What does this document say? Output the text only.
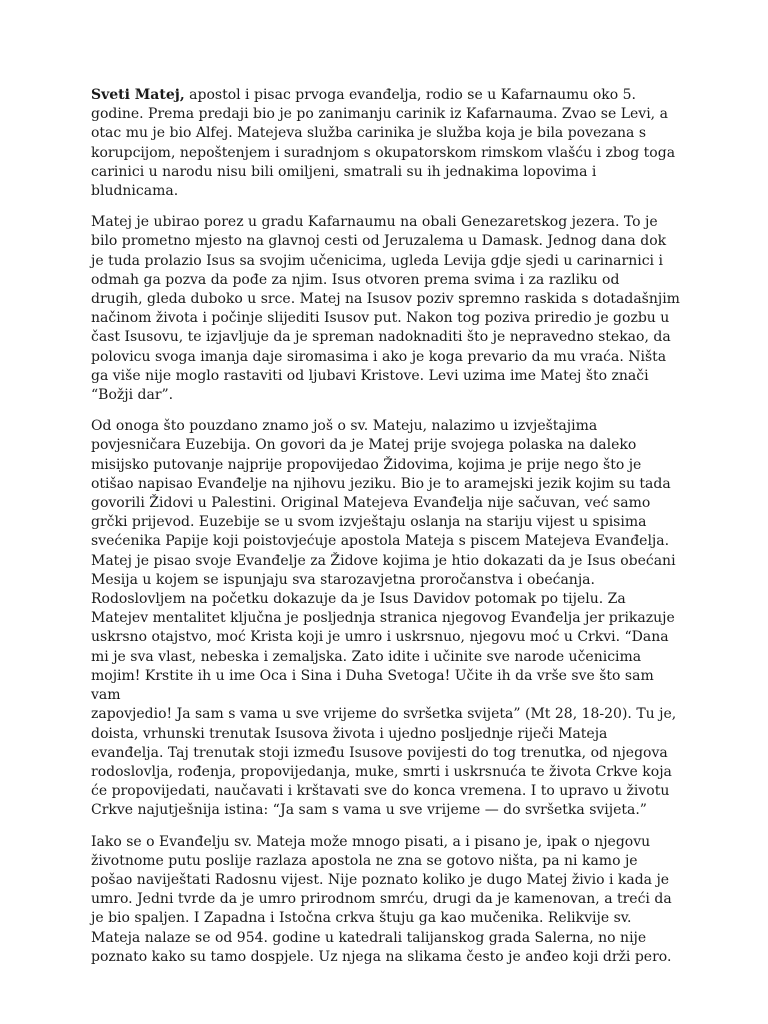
Sveti Matej, apostol i pisac prvoga evanđelja, rodio se u Kafarnaumu oko 5.
godine. Prema predaji bio je po zanimanju carinik iz Kafarnauma. Zvao se Levi, a
otac mu je bio Alfej. Matejeva služba carinika je služba koja je bila povezana s
korupcijom, nepoštenjem i suradnjom s okupatorskom rimskom vlašću i zbog toga
carinici u narodu nisu bili omiljeni, smatrali su ih jednakima lopovima i
bludnicama.

Matej je ubirao porez u gradu Kafarnaumu na obali Genezaretskog jezera. To je
bilo prometno mjesto na glavnoj cesti od Jeruzalema u Damask. Jednog dana dok
je tuda prolazio Isus sa svojim učenicima, ugleda Levija gdje sjedi u carinarnici i
odmah ga pozva da pođe za njim. Isus otvoren prema svima i za razliku od
drugih, gleda duboko u srce. Matej na Isusov poziv spremno raskida s dotadašnjim
načinom života i počinje slijediti Isusov put. Nakon tog poziva priredio je gozbu u
čast Isusovu, te izjavljuje da je spreman nadoknaditi što je nepravedno stekao, da
polovicu svoga imanja daje siromasima i ako je koga prevario da mu vraća. Ništa
ga više nije moglo rastaviti od ljubavi Kristove. Levi uzima ime Matej što znači
“Božji dar”.

Od onoga što pouzdano znamo još o sv. Mateju, nalazimo u izvještajima
povjesničara Euzebija. On govori da je Matej prije svojega polaska na daleko
misijsko putovanje najprije propovijedao Židovima, kojima je prije nego što je
otišao napisao Evanđelje na njihovu jeziku. Bio je to aramejski jezik kojim su tada
govorili Židovi u Palestini. Original Matejeva Evanđelja nije sačuvan, već samo
grčki prijevod. Euzebije se u svom izvještaju oslanja na stariju vijest u spisima
svećenika Papije koji poistovjećuje apostola Mateja s piscem Matejeva Evanđelja.
Matej je pisao svoje Evanđelje za Židove kojima je htio dokazati da je Isus obećani
Mesija u kojem se ispunjaju sva starozavjetna proročanstva i obećanja.
Rodoslovljem na početku dokazuje da je Isus Davidov potomak po tijelu. Za
Matejev mentalitet ključna je posljednja stranica njegovog Evanđelja jer prikazuje
uskrsno otajstvo, moć Krista koji je umro i uskrsnuo, njegovu moć u Crkvi. “Dana
mi je sva vlast, nebeska i zemaljska. Zato idite i učinite sve narode učenicima
mojim! Krstite ih u ime Oca i Sina i Duha Svetoga! Učite ih da vrše sve što sam vam
zapovjedio! Ja sam s vama u sve vrijeme do svršetka svijeta” (Mt 28, 18-20). Tu je,
doista, vrhunski trenutak Isusova života i ujedno posljednje riječi Mateja
evanđelja. Taj trenutak stoji između Isusove povijesti do tog trenutka, od njegova
rodoslovlja, rođenja, propovijedanja, muke, smrti i uskrsnuća te života Crkve koja
će propovijedati, naučavati i krštavati sve do konca vremena. I to upravo u životu
Crkve najutješnija istina: “Ja sam s vama u sve vrijeme — do svršetka svijeta.”

Iako se o Evanđelju sv. Mateja može mnogo pisati, a i pisano je, ipak o njegovu
životnome putu poslije razlaza apostola ne zna se gotovo ništa, pa ni kamo je
pošao naviještati Radosnu vijest. Nije poznato koliko je dugo Matej živio i kada je
umro. Jedni tvrde da je umro prirodnom smrću, drugi da je kamenovan, a treći da
je bio spaljen. I Zapadna i Istočna crkva štuju ga kao mučenika. Relikvije sv.
Mateja nalaze se od 954. godine u katedrali talijanskog grada Salerna, no nije
poznato kako su tamo dospjele. Uz njega na slikama često je anđeo koji drži pero.
